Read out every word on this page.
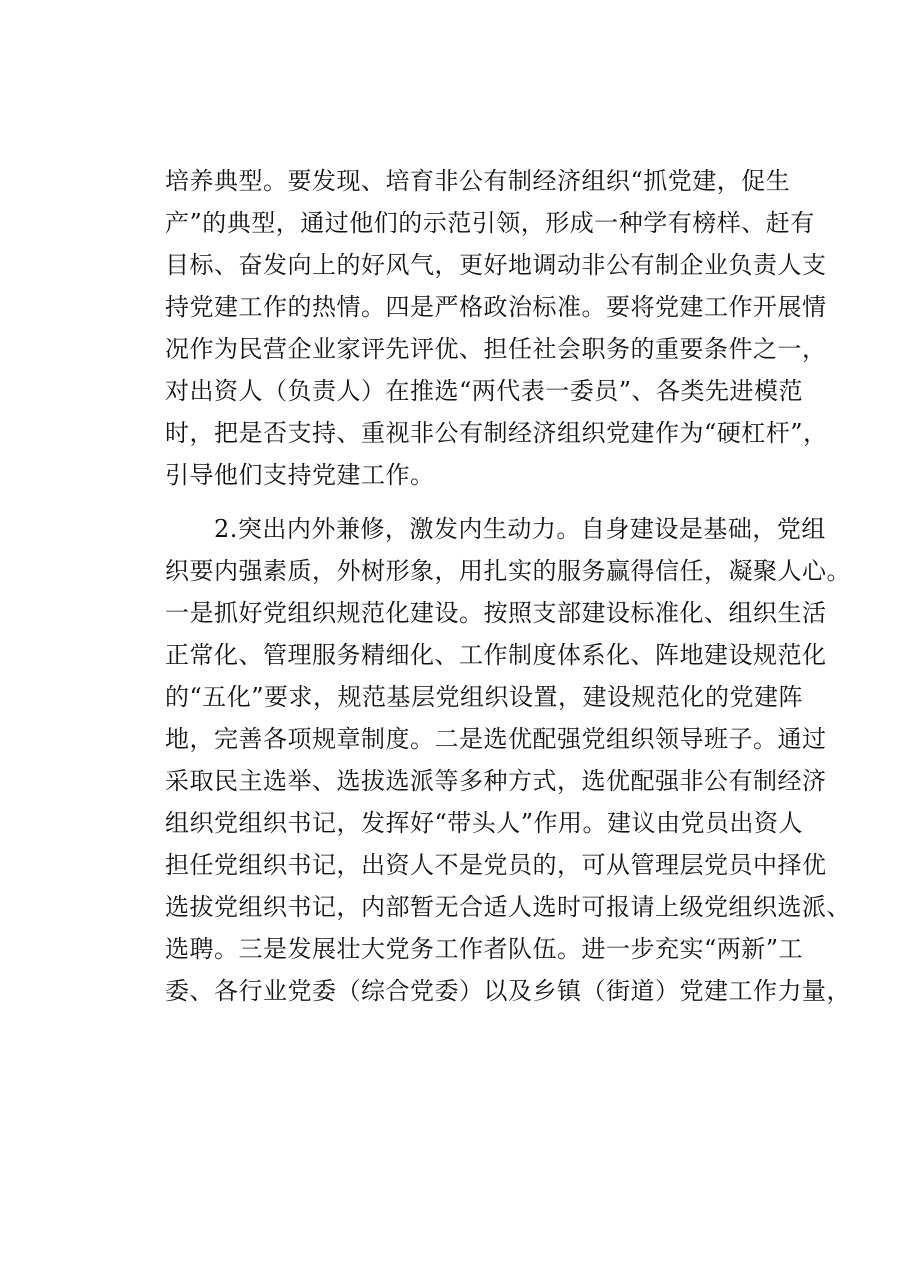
培养典型。要发现、培育非公有制经济组织“抓党建，促生
产”的典型，通过他们的示范引领，形成一种学有榜样、赶有
目标、奋发向上的好风气，更好地调动非公有制企业负责人支
持党建工作的热情。四是严格政治标准。要将党建工作开展情
况作为民营企业家评先评优、担任社会职务的重要条件之一，
对出资人（负责人）在推选“两代表一委员”、各类先进模范
时，把是否支持、重视非公有制经济组织党建作为“硬杠杆”，
引导他们支持党建工作。
　　2.突出内外兼修，激发内生动力。自身建设是基础，党组
织要内强素质，外树形象，用扎实的服务赢得信任，凝聚人心。
一是抓好党组织规范化建设。按照支部建设标准化、组织生活
正常化、管理服务精细化、工作制度体系化、阵地建设规范化
的“五化”要求，规范基层党组织设置，建设规范化的党建阵
地，完善各项规章制度。二是选优配强党组织领导班子。通过
采取民主选举、选拔选派等多种方式，选优配强非公有制经济
组织党组织书记，发挥好“带头人”作用。建议由党员出资人
担任党组织书记，出资人不是党员的，可从管理层党员中择优
选拔党组织书记，内部暂无合适人选时可报请上级党组织选派、
选聘。三是发展壮大党务工作者队伍。进一步充实“两新”工
委、各行业党委（综合党委）以及乡镇（街道）党建工作力量，
